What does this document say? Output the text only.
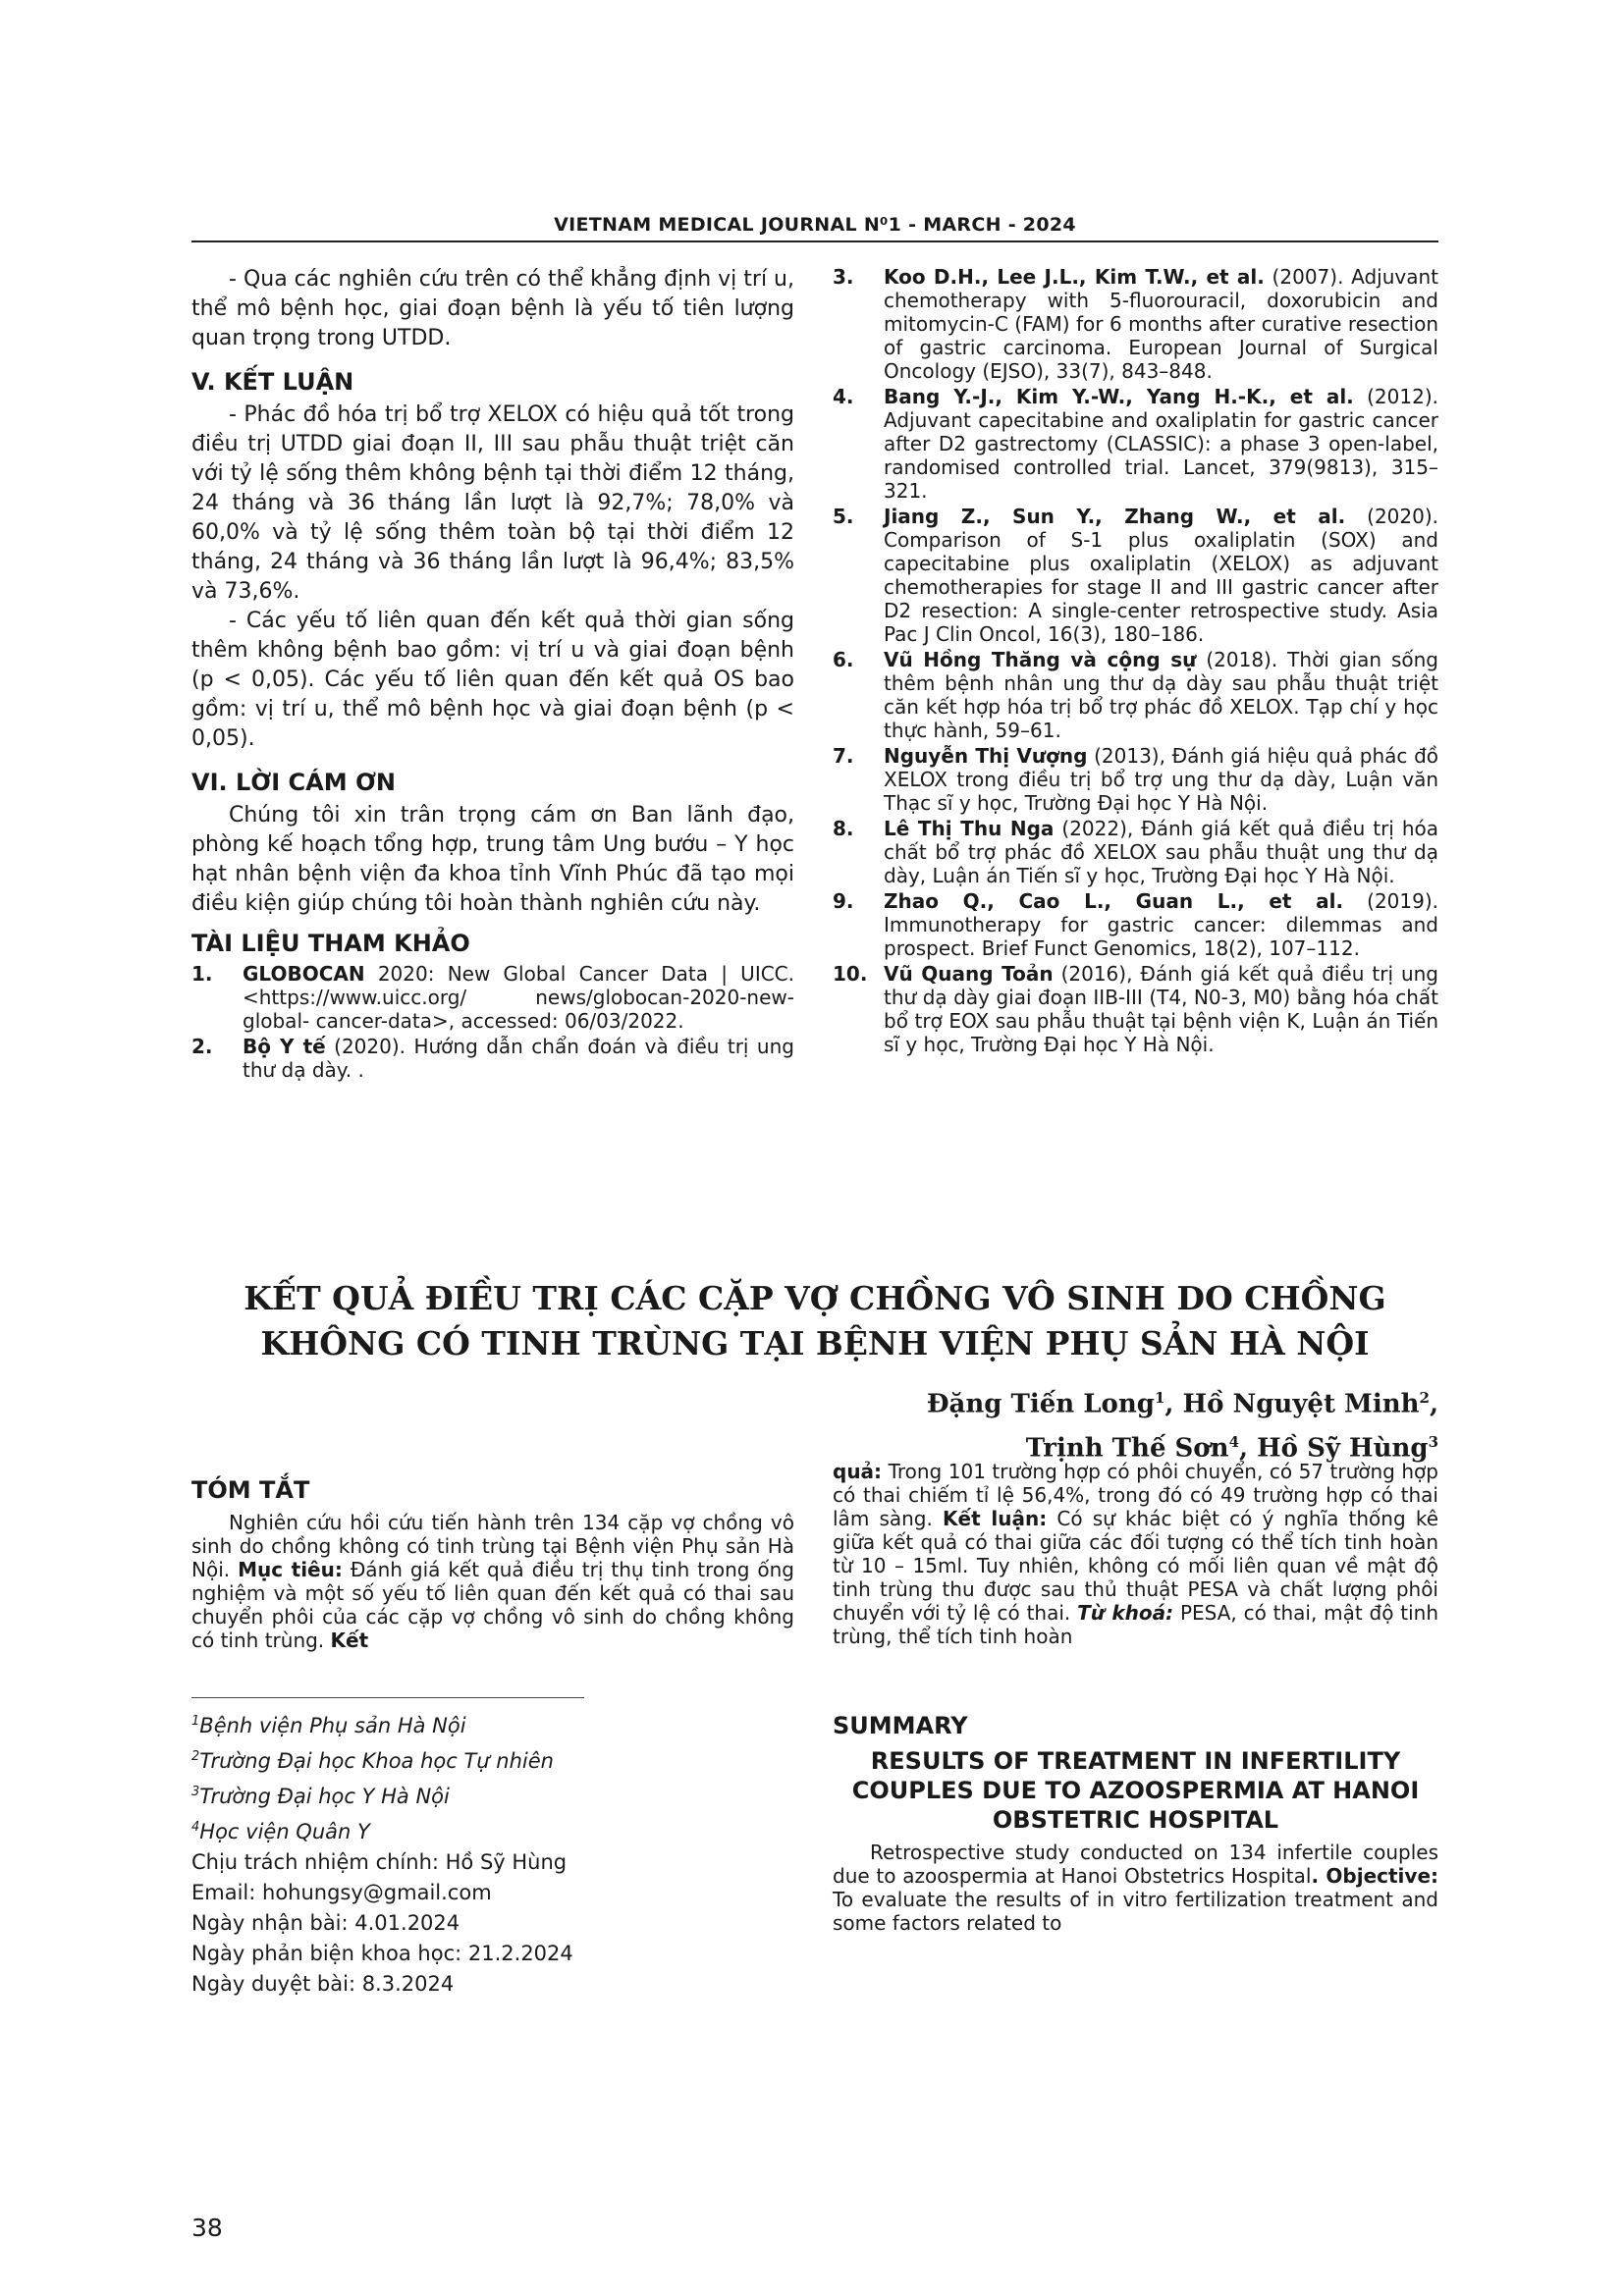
VIETNAM MEDICAL JOURNAL N⁰1 - MARCH - 2024

- Qua các nghiên cứu trên có thể khẳng định vị trí u, thể mô bệnh học, giai đoạn bệnh là yếu tố tiên lượng quan trọng trong UTDD.

V. KẾT LUẬN

- Phác đồ hóa trị bổ trợ XELOX có hiệu quả tốt trong điều trị UTDD giai đoạn II, III sau phẫu thuật triệt căn với tỷ lệ sống thêm không bệnh tại thời điểm 12 tháng, 24 tháng và 36 tháng lần lượt là 92,7%; 78,0% và 60,0% và tỷ lệ sống thêm toàn bộ tại thời điểm 12 tháng, 24 tháng và 36 tháng lần lượt là 96,4%; 83,5% và 73,6%.

- Các yếu tố liên quan đến kết quả thời gian sống thêm không bệnh bao gồm: vị trí u và giai đoạn bệnh (p < 0,05). Các yếu tố liên quan đến kết quả OS bao gồm: vị trí u, thể mô bệnh học và giai đoạn bệnh (p < 0,05).

VI. LỜI CÁM ƠN

Chúng tôi xin trân trọng cám ơn Ban lãnh đạo, phòng kế hoạch tổng hợp, trung tâm Ung bướu – Y học hạt nhân bệnh viện đa khoa tỉnh Vĩnh Phúc đã tạo mọi điều kiện giúp chúng tôi hoàn thành nghiên cứu này.

TÀI LIỆU THAM KHẢO
1. GLOBOCAN 2020: New Global Cancer Data | UICC. <https://www.uicc.org/ news/globocan-2020-new-global- cancer-data>, accessed: 06/03/2022.
2. Bộ Y tế (2020). Hướng dẫn chẩn đoán và điều trị ung thư dạ dày. .
3. Koo D.H., Lee J.L., Kim T.W., et al. (2007). Adjuvant chemotherapy with 5-fluorouracil, doxorubicin and mitomycin-C (FAM) for 6 months after curative resection of gastric carcinoma. European Journal of Surgical Oncology (EJSO), 33(7), 843–848.
4. Bang Y.-J., Kim Y.-W., Yang H.-K., et al. (2012). Adjuvant capecitabine and oxaliplatin for gastric cancer after D2 gastrectomy (CLASSIC): a phase 3 open-label, randomised controlled trial. Lancet, 379(9813), 315–321.
5. Jiang Z., Sun Y., Zhang W., et al. (2020). Comparison of S-1 plus oxaliplatin (SOX) and capecitabine plus oxaliplatin (XELOX) as adjuvant chemotherapies for stage II and III gastric cancer after D2 resection: A single-center retrospective study. Asia Pac J Clin Oncol, 16(3), 180–186.
6. Vũ Hồng Thăng và cộng sự (2018). Thời gian sống thêm bệnh nhân ung thư dạ dày sau phẫu thuật triệt căn kết hợp hóa trị bổ trợ phác đồ XELOX. Tạp chí y học thực hành, 59–61.
7. Nguyễn Thị Vượng (2013), Đánh giá hiệu quả phác đồ XELOX trong điều trị bổ trợ ung thư dạ dày, Luận văn Thạc sĩ y học, Trường Đại học Y Hà Nội.
8. Lê Thị Thu Nga (2022), Đánh giá kết quả điều trị hóa chất bổ trợ phác đồ XELOX sau phẫu thuật ung thư dạ dày, Luận án Tiến sĩ y học, Trường Đại học Y Hà Nội.
9. Zhao Q., Cao L., Guan L., et al. (2019). Immunotherapy for gastric cancer: dilemmas and prospect. Brief Funct Genomics, 18(2), 107–112.
10. Vũ Quang Toản (2016), Đánh giá kết quả điều trị ung thư dạ dày giai đoạn IIB-III (T4, N0-3, M0) bằng hóa chất bổ trợ EOX sau phẫu thuật tại bệnh viện K, Luận án Tiến sĩ y học, Trường Đại học Y Hà Nội.
KẾT QUẢ ĐIỀU TRỊ CÁC CẶP VỢ CHỒNG VÔ SINH DO CHỒNG
KHÔNG CÓ TINH TRÙNG TẠI BỆNH VIỆN PHỤ SẢN HÀ NỘI
Đặng Tiến Long$^1$, Hồ Nguyệt Minh$^2$,
Trịnh Thế Sơn$^4$, Hồ Sỹ Hùng$^3$
TÓM TẮT

Nghiên cứu hồi cứu tiến hành trên 134 cặp vợ chồng vô sinh do chồng không có tinh trùng tại Bệnh viện Phụ sản Hà Nội. Mục tiêu: Đánh giá kết quả điều trị thụ tinh trong ống nghiệm và một số yếu tố liên quan đến kết quả có thai sau chuyển phôi của các cặp vợ chồng vô sinh do chồng không có tinh trùng. Kết

quả: Trong 101 trường hợp có phôi chuyển, có 57 trường hợp có thai chiếm tỉ lệ 56,4%, trong đó có 49 trường hợp có thai lâm sàng. Kết luận: Có sự khác biệt có ý nghĩa thống kê giữa kết quả có thai giữa các đối tượng có thể tích tinh hoàn từ 10 – 15ml. Tuy nhiên, không có mối liên quan về mật độ tinh trùng thu được sau thủ thuật PESA và chất lượng phôi chuyển với tỷ lệ có thai. Từ khoá: PESA, có thai, mật độ tinh trùng, thể tích tinh hoàn

$^1$Bệnh viện Phụ sản Hà Nội
$^2$Trường Đại học Khoa học Tự nhiên
$^3$Trường Đại học Y Hà Nội
$^4$Học viện Quân Y
Chịu trách nhiệm chính: Hồ Sỹ Hùng
Email: hohungsy@gmail.com
Ngày nhận bài: 4.01.2024
Ngày phản biện khoa học: 21.2.2024
Ngày duyệt bài: 8.3.2024
SUMMARY
RESULTS OF TREATMENT IN INFERTILITY COUPLES DUE TO AZOOSPERMIA AT HANOI OBSTETRIC HOSPITAL

Retrospective study conducted on 134 infertile couples due to azoospermia at Hanoi Obstetrics Hospital. Objective: To evaluate the results of in vitro fertilization treatment and some factors related to

38
